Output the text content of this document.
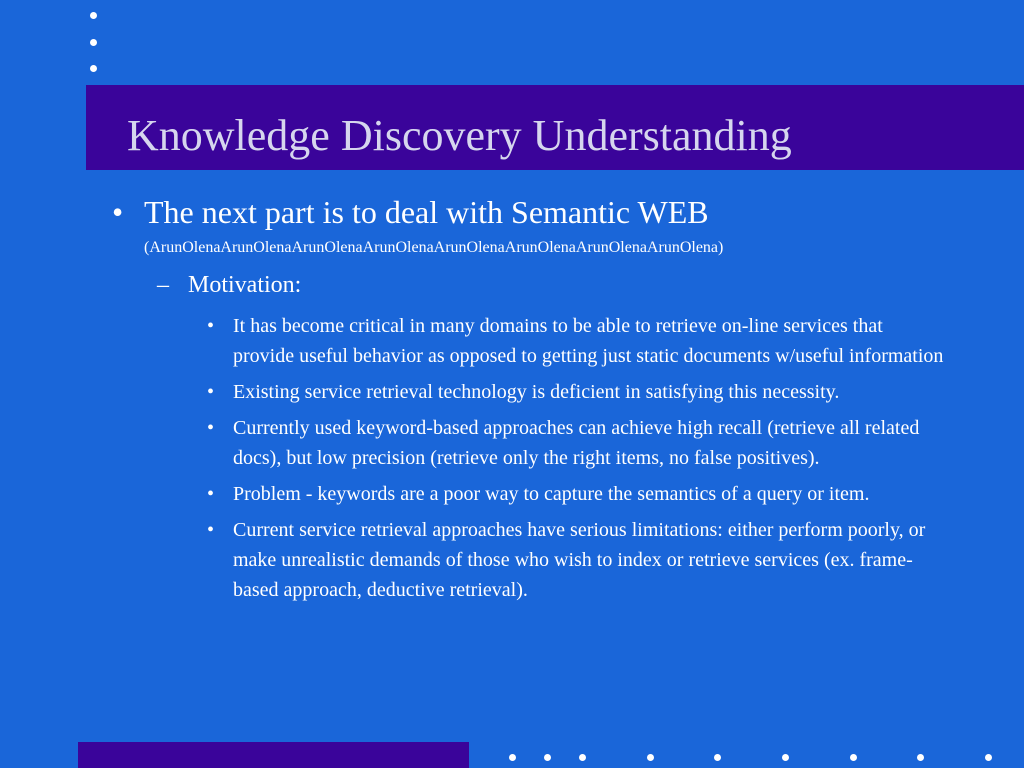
Knowledge Discovery Understanding
• The next part is to deal with Semantic WEB
(ArunOlenaArunOlenaArunOlenaArunOlenaArunOlenaArunOlenaArunOlenaArunOlena)
– Motivation:
• It has become critical in many domains to be able to retrieve on-line services that provide useful behavior as opposed to getting just static documents w/useful information
• Existing service retrieval technology is deficient in satisfying this necessity.
• Currently used keyword-based approaches can achieve high recall (retrieve all related docs), but low precision (retrieve only the right items, no false positives).
• Problem - keywords are a poor way to capture the semantics of a query or item.
• Current service retrieval approaches have serious limitations: either perform poorly, or make unrealistic demands of those who wish to index or retrieve services (ex. frame-based approach, deductive retrieval).
